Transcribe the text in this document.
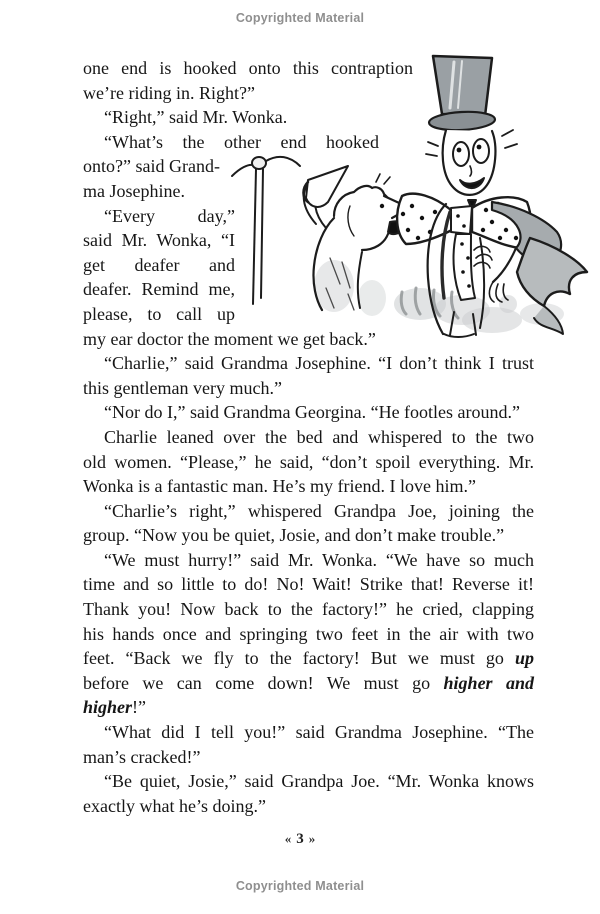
Copyrighted Material
one end is hooked onto this contraption
we’re riding in. Right?”
“Right,” said Mr. Wonka.
“What’s the other end hooked
onto?” said Grand-
ma Josephine.
“Every day,”
said Mr. Wonka, “I
get deafer and
deafer. Remind me,
please, to call up
my ear doctor the moment we get back.”
“Charlie,” said Grandma Josephine. “I don’t think I trust
this gentleman very much.”
“Nor do I,” said Grandma Georgina. “He footles around.”
Charlie leaned over the bed and whispered to the two
old women. “Please,” he said, “don’t spoil everything. Mr.
Wonka is a fantastic man. He’s my friend. I love him.”
“Charlie’s right,” whispered Grandpa Joe, joining the
group. “Now you be quiet, Josie, and don’t make trouble.”
“We must hurry!” said Mr. Wonka. “We have so much
time and so little to do! No! Wait! Strike that! Reverse it!
Thank you! Now back to the factory!” he cried, clapping
his hands once and springing two feet in the air with two
feet. “Back we fly to the factory! But we must go up
before we can come down! We must go higher and
higher!”
“What did I tell you!” said Grandma Josephine. “The
man’s cracked!”
“Be quiet, Josie,” said Grandpa Joe. “Mr. Wonka knows
exactly what he’s doing.”
« 3 »
Copyrighted Material
